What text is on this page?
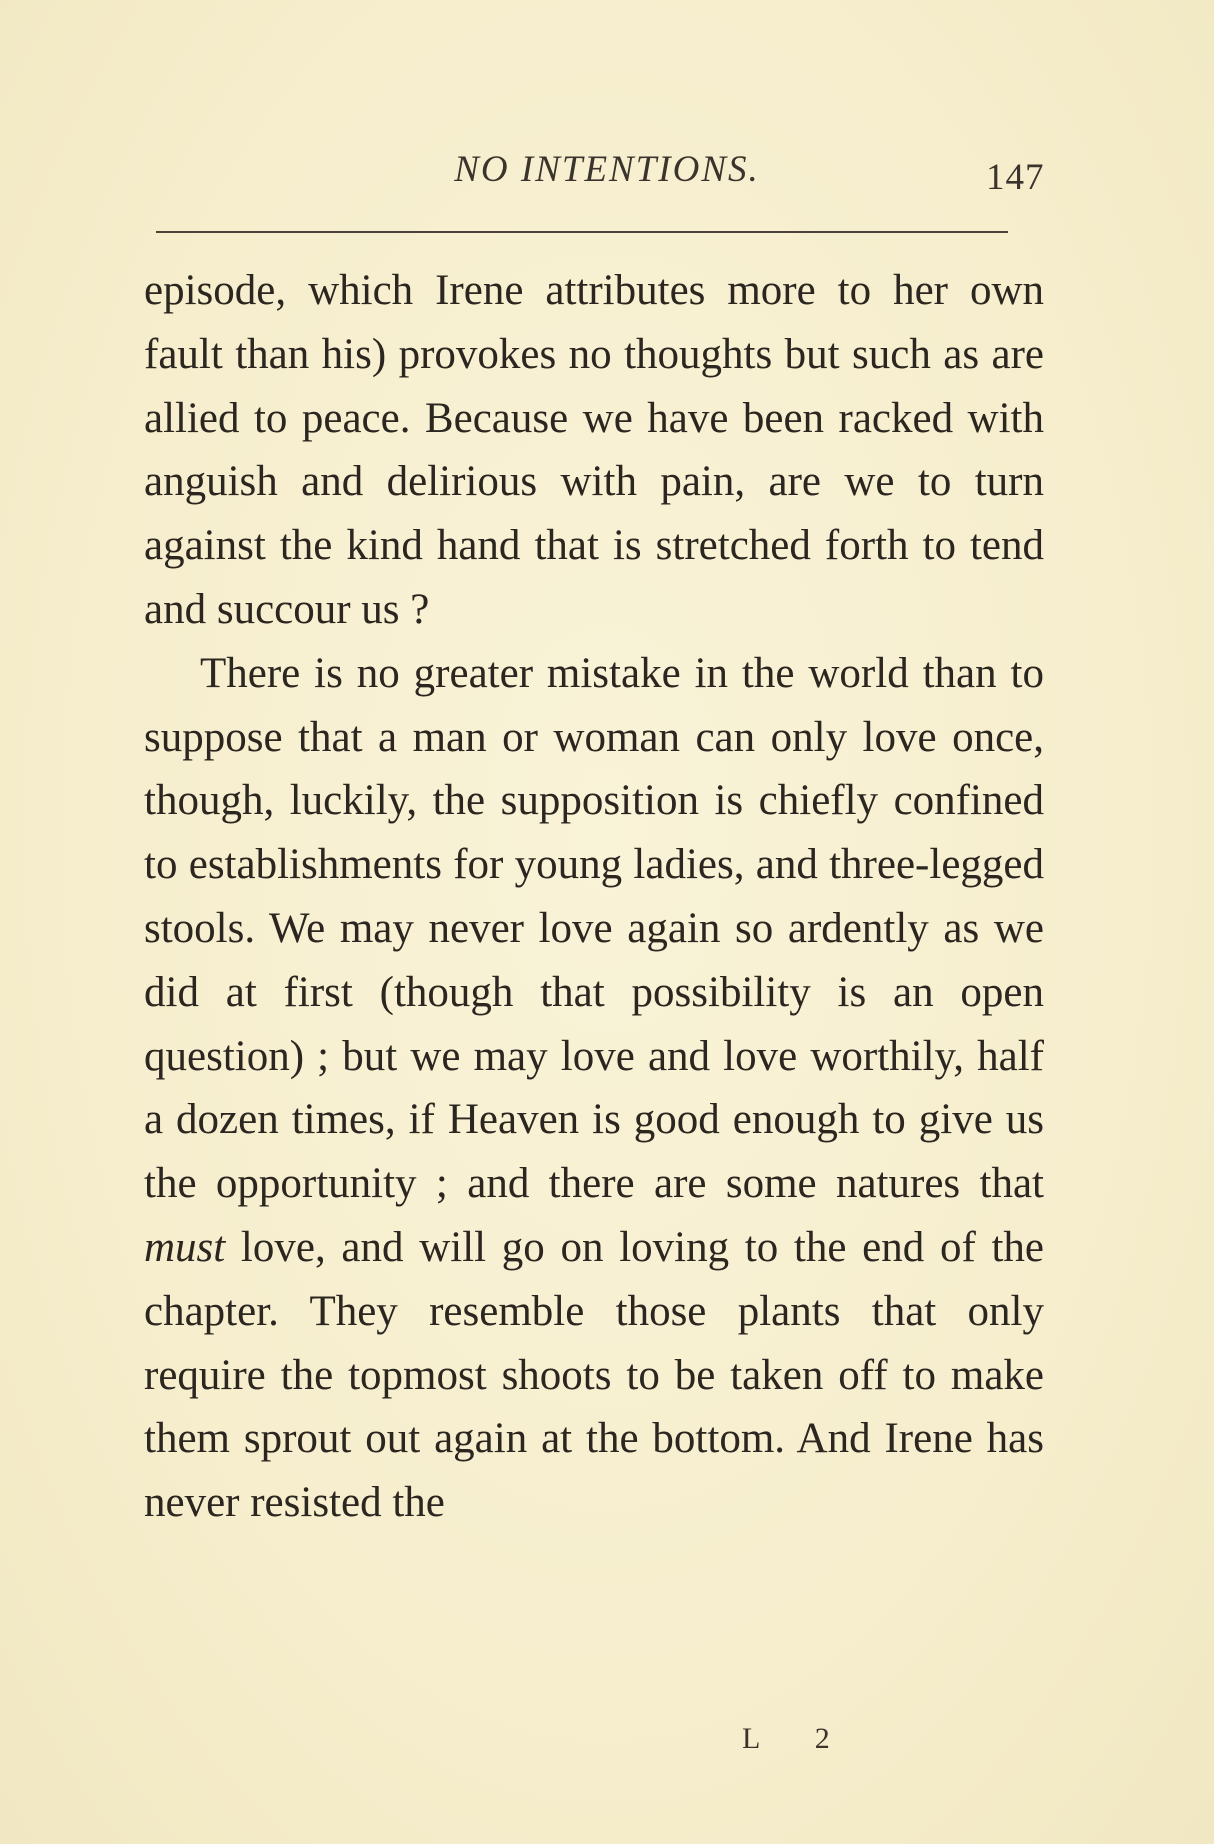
NO INTENTIONS.	147

episode, which Irene attributes more to her own fault than his) provokes no thoughts but such as are allied to peace. Because we have been racked with anguish and delirious with pain, are we to turn against the kind hand that is stretched forth to tend and succour us ?

There is no greater mistake in the world than to suppose that a man or woman can only love once, though, luckily, the supposition is chiefly confined to establishments for young ladies, and three-legged stools. We may never love again so ardently as we did at first (though that possibility is an open question) ; but we may love and love worthily, half a dozen times, if Heaven is good enough to give us the opportunity ; and there are some natures that must love, and will go on loving to the end of the chapter. They resemble those plants that only require the topmost shoots to be taken off to make them sprout out again at the bottom. And Irene has never resisted the

L 2
